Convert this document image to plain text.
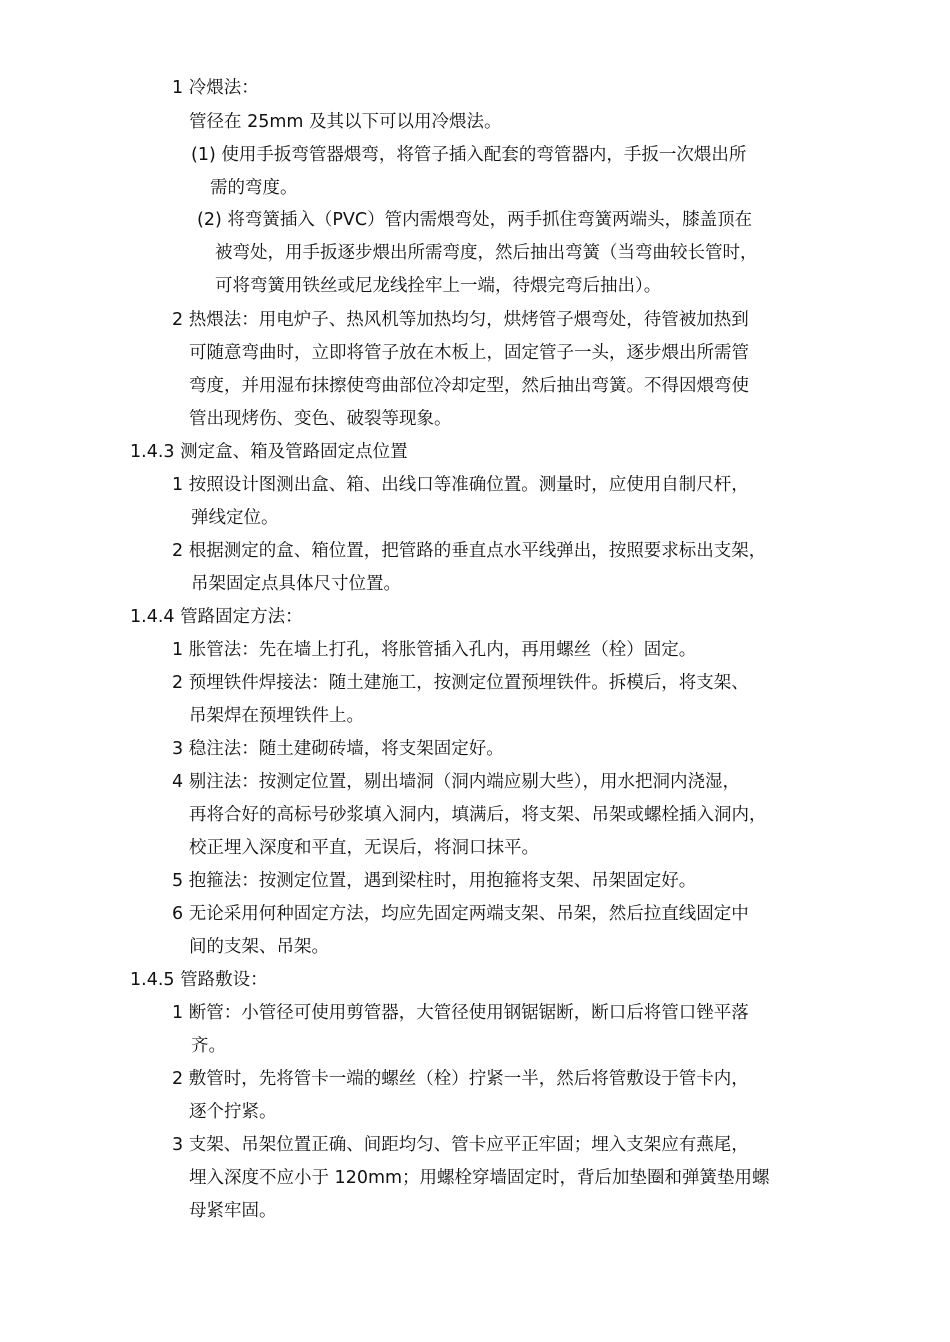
1 冷煨法：
管径在 25mm 及其以下可以用冷煨法。
(1) 使用手扳弯管器煨弯，将管子插入配套的弯管器内，手扳一次煨出所
需的弯度。
(2) 将弯簧插入（PVC）管内需煨弯处，两手抓住弯簧两端头，膝盖顶在
被弯处，用手扳逐步煨出所需弯度，然后抽出弯簧（当弯曲较长管时，
可将弯簧用铁丝或尼龙线拴牢上一端，待煨完弯后抽出）。
2 热煨法：用电炉子、热风机等加热均匀，烘烤管子煨弯处，待管被加热到
可随意弯曲时，立即将管子放在木板上，固定管子一头，逐步煨出所需管
弯度，并用湿布抹擦使弯曲部位冷却定型，然后抽出弯簧。不得因煨弯使
管出现烤伤、变色、破裂等现象。
1.4.3 测定盒、箱及管路固定点位置
1 按照设计图测出盒、箱、出线口等准确位置。测量时，应使用自制尺杆，
弹线定位。
2 根据测定的盒、箱位置，把管路的垂直点水平线弹出，按照要求标出支架，
吊架固定点具体尺寸位置。
1.4.4 管路固定方法：
1 胀管法：先在墙上打孔，将胀管插入孔内，再用螺丝（栓）固定。
2 预埋铁件焊接法：随土建施工，按测定位置预埋铁件。拆模后，将支架、
吊架焊在预埋铁件上。
3 稳注法：随土建砌砖墙，将支架固定好。
4 剔注法：按测定位置，剔出墙洞（洞内端应剔大些），用水把洞内浇湿，
再将合好的高标号砂浆填入洞内，填满后，将支架、吊架或螺栓插入洞内，
校正埋入深度和平直，无误后，将洞口抹平。
5 抱箍法：按测定位置，遇到梁柱时，用抱箍将支架、吊架固定好。
6 无论采用何种固定方法，均应先固定两端支架、吊架，然后拉直线固定中
间的支架、吊架。
1.4.5 管路敷设：
1 断管：小管径可使用剪管器，大管径使用钢锯锯断，断口后将管口锉平落
齐。
2 敷管时，先将管卡一端的螺丝（栓）拧紧一半，然后将管敷设于管卡内，
逐个拧紧。
3 支架、吊架位置正确、间距均匀、管卡应平正牢固；埋入支架应有燕尾，
埋入深度不应小于 120mm；用螺栓穿墙固定时，背后加垫圈和弹簧垫用螺
母紧牢固。
